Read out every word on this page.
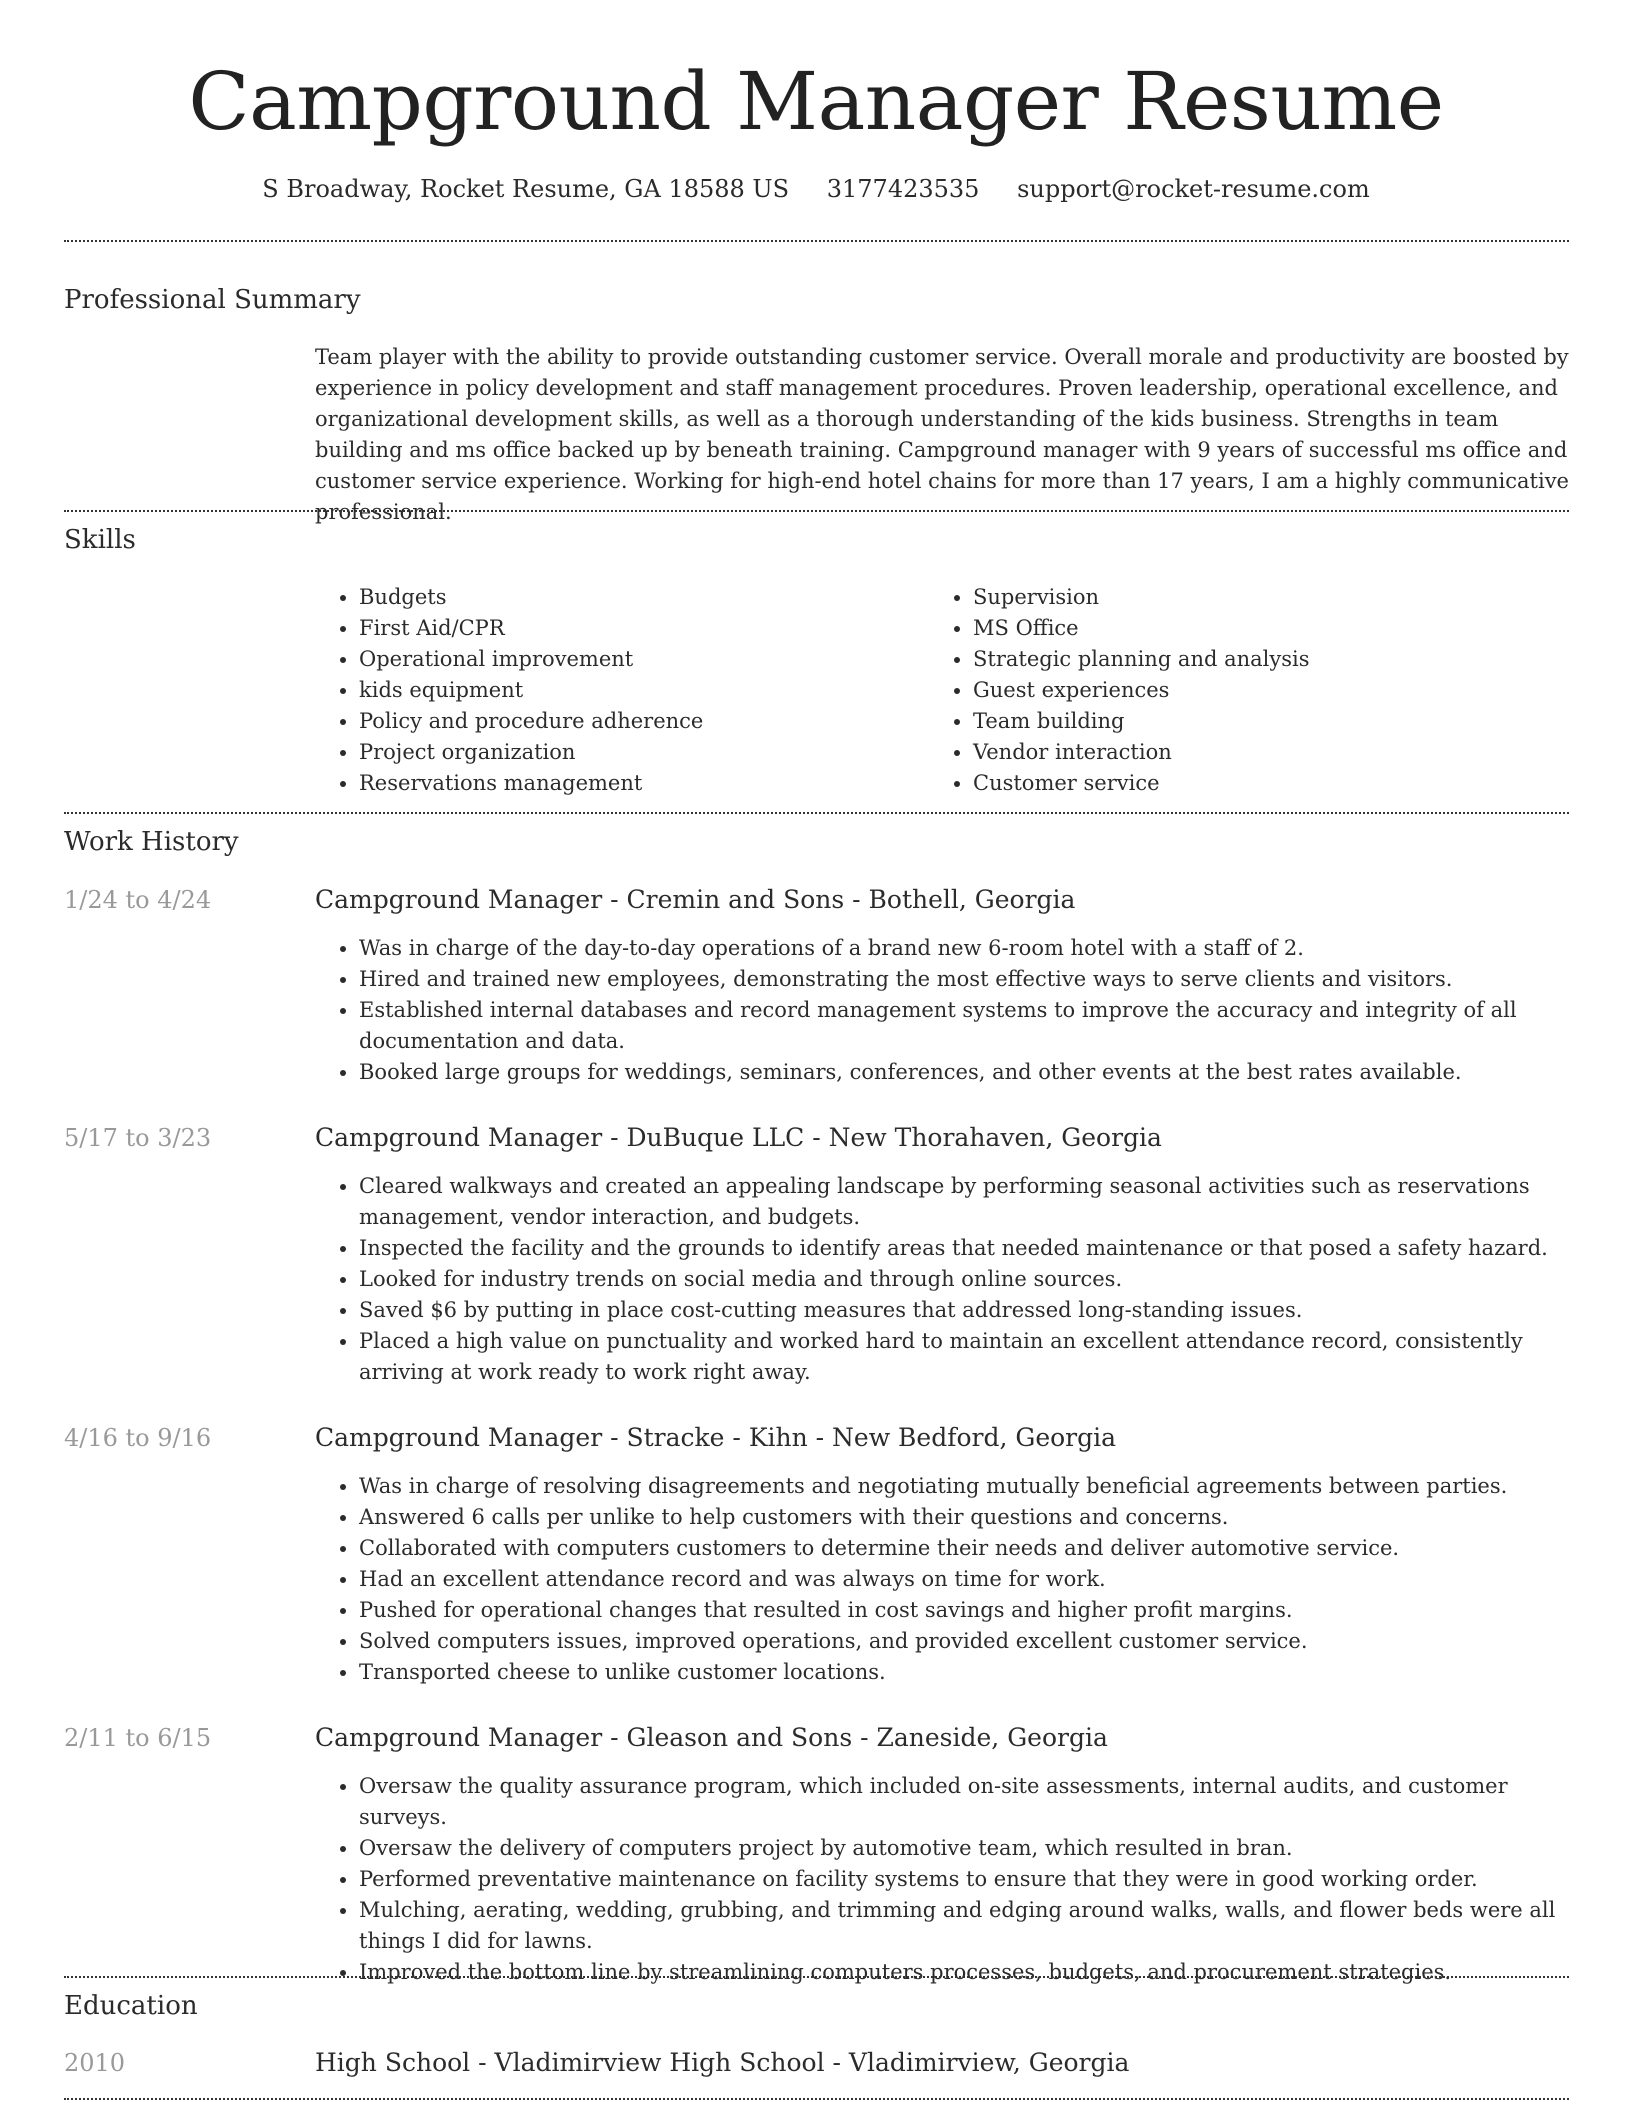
Campground Manager Resume
S Broadway, Rocket Resume, GA 18588 US 3177423535 support@rocket-resume.com
Professional Summary

Team player with the ability to provide outstanding customer service. Overall morale and productivity are boosted by experience in policy development and staff management procedures. Proven leadership, operational excellence, and organizational development skills, as well as a thorough understanding of the kids business. Strengths in team building and ms office backed up by beneath training. Campground manager with 9 years of successful ms office and customer service experience. Working for high-end hotel chains for more than 17 years, I am a highly communicative professional.

Skills
• Budgets
• First Aid/CPR
• Operational improvement
• kids equipment
• Policy and procedure adherence
• Project organization
• Reservations management
• Supervision
• MS Office
• Strategic planning and analysis
• Guest experiences
• Team building
• Vendor interaction
• Customer service
Work History
1/24 to 4/24	Campground Manager - Cremin and Sons - Bothell, Georgia
• Was in charge of the day-to-day operations of a brand new 6-room hotel with a staff of 2.
• Hired and trained new employees, demonstrating the most effective ways to serve clients and visitors.
• Established internal databases and record management systems to improve the accuracy and integrity of all documentation and data.
• Booked large groups for weddings, seminars, conferences, and other events at the best rates available.
5/17 to 3/23	Campground Manager - DuBuque LLC - New Thorahaven, Georgia
• Cleared walkways and created an appealing landscape by performing seasonal activities such as reservations management, vendor interaction, and budgets.
• Inspected the facility and the grounds to identify areas that needed maintenance or that posed a safety hazard.
• Looked for industry trends on social media and through online sources.
• Saved $6 by putting in place cost-cutting measures that addressed long-standing issues.
• Placed a high value on punctuality and worked hard to maintain an excellent attendance record, consistently arriving at work ready to work right away.
4/16 to 9/16	Campground Manager - Stracke - Kihn - New Bedford, Georgia
• Was in charge of resolving disagreements and negotiating mutually beneficial agreements between parties.
• Answered 6 calls per unlike to help customers with their questions and concerns.
• Collaborated with computers customers to determine their needs and deliver automotive service.
• Had an excellent attendance record and was always on time for work.
• Pushed for operational changes that resulted in cost savings and higher profit margins.
• Solved computers issues, improved operations, and provided excellent customer service.
• Transported cheese to unlike customer locations.
2/11 to 6/15	Campground Manager - Gleason and Sons - Zaneside, Georgia
• Oversaw the quality assurance program, which included on-site assessments, internal audits, and customer surveys.
• Oversaw the delivery of computers project by automotive team, which resulted in bran.
• Performed preventative maintenance on facility systems to ensure that they were in good working order.
• Mulching, aerating, wedding, grubbing, and trimming and edging around walks, walls, and flower beds were all things I did for lawns.
• Improved the bottom line by streamlining computers processes, budgets, and procurement strategies.
Education
2010	High School - Vladimirview High School - Vladimirview, Georgia
